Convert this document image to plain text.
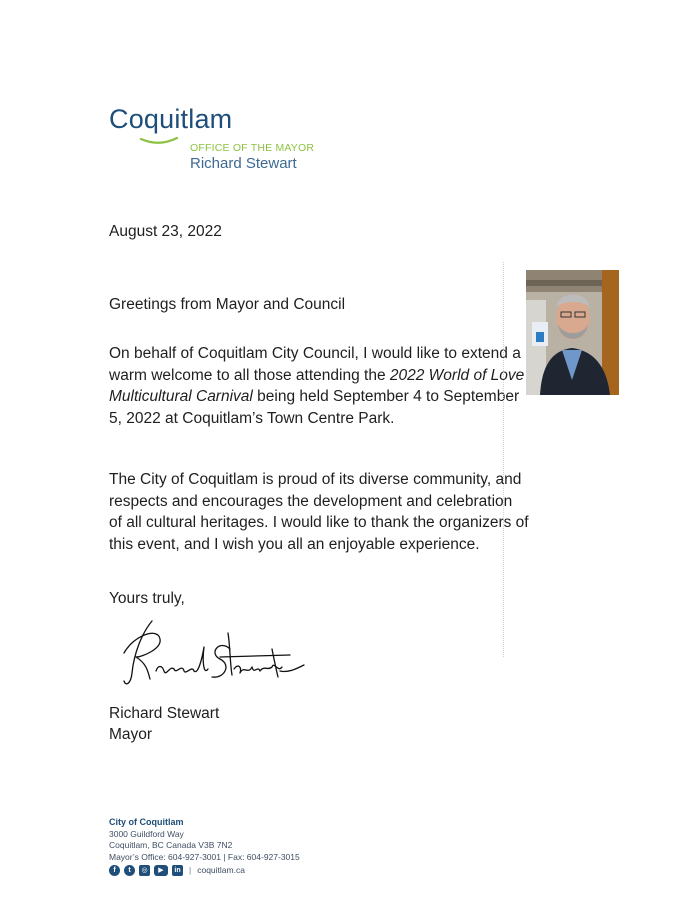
Coquitlam
OFFICE OF THE MAYOR
Richard Stewart
August 23, 2022
Greetings from Mayor and Council

On behalf of Coquitlam City Council, I would like to extend a warm welcome to all those attending the 2022 World of Love Multicultural Carnival being held September 4 to September 5, 2022 at Coquitlam’s Town Centre Park.

The City of Coquitlam is proud of its diverse community, and respects and encourages the development and celebration of all cultural heritages. I would like to thank the organizers of this event, and I wish you all an enjoyable experience.

Yours truly,
Richard Stewart
Mayor
City of Coquitlam
3000 Guildford Way
Coquitlam, BC Canada V3B 7N2
Mayor’s Office: 604-927-3001 | Fax: 604-927-3015
f	t	◎	▶	in | coquitlam.ca
